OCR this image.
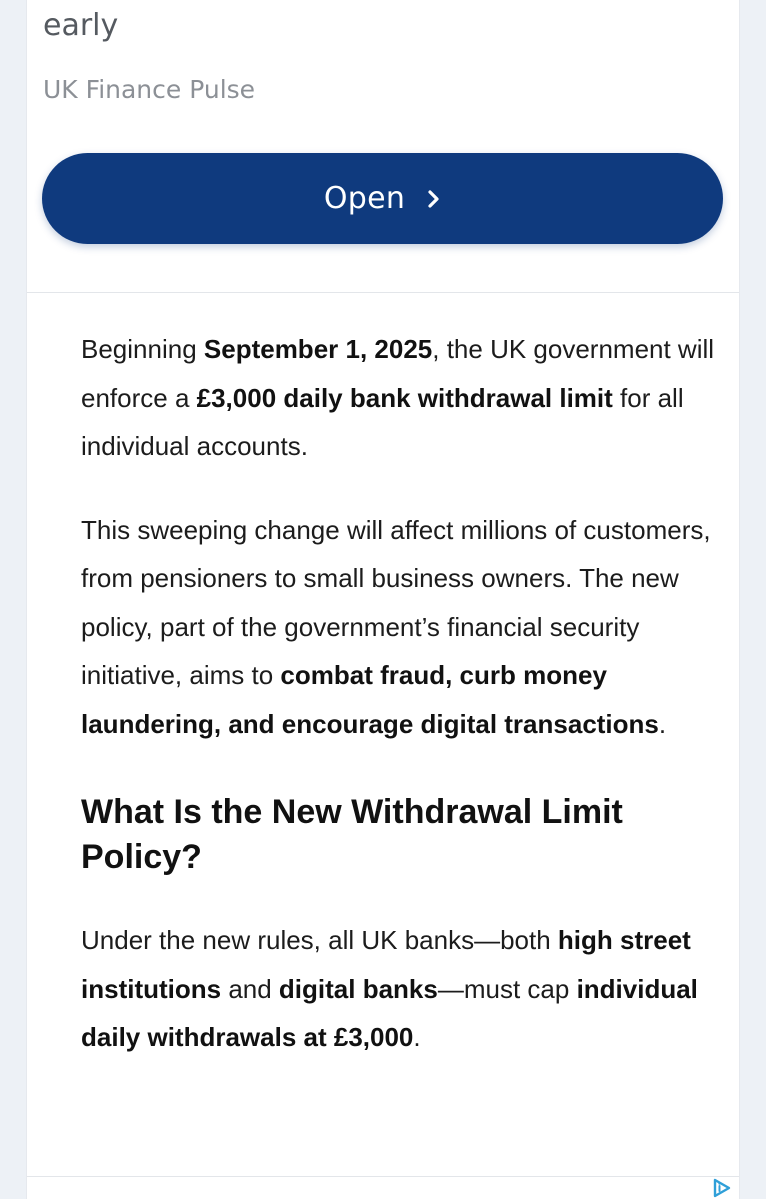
early
UK Finance Pulse
Open

Beginning September 1, 2025, the UK government will enforce a £3,000 daily bank withdrawal limit for all individual accounts.

This sweeping change will affect millions of customers, from pensioners to small business owners. The new policy, part of the government’s financial security initiative, aims to combat fraud, curb money laundering, and encourage digital transactions.

What Is the New Withdrawal Limit Policy?

Under the new rules, all UK banks—both high street institutions and digital banks—must cap individual daily withdrawals at £3,000.
